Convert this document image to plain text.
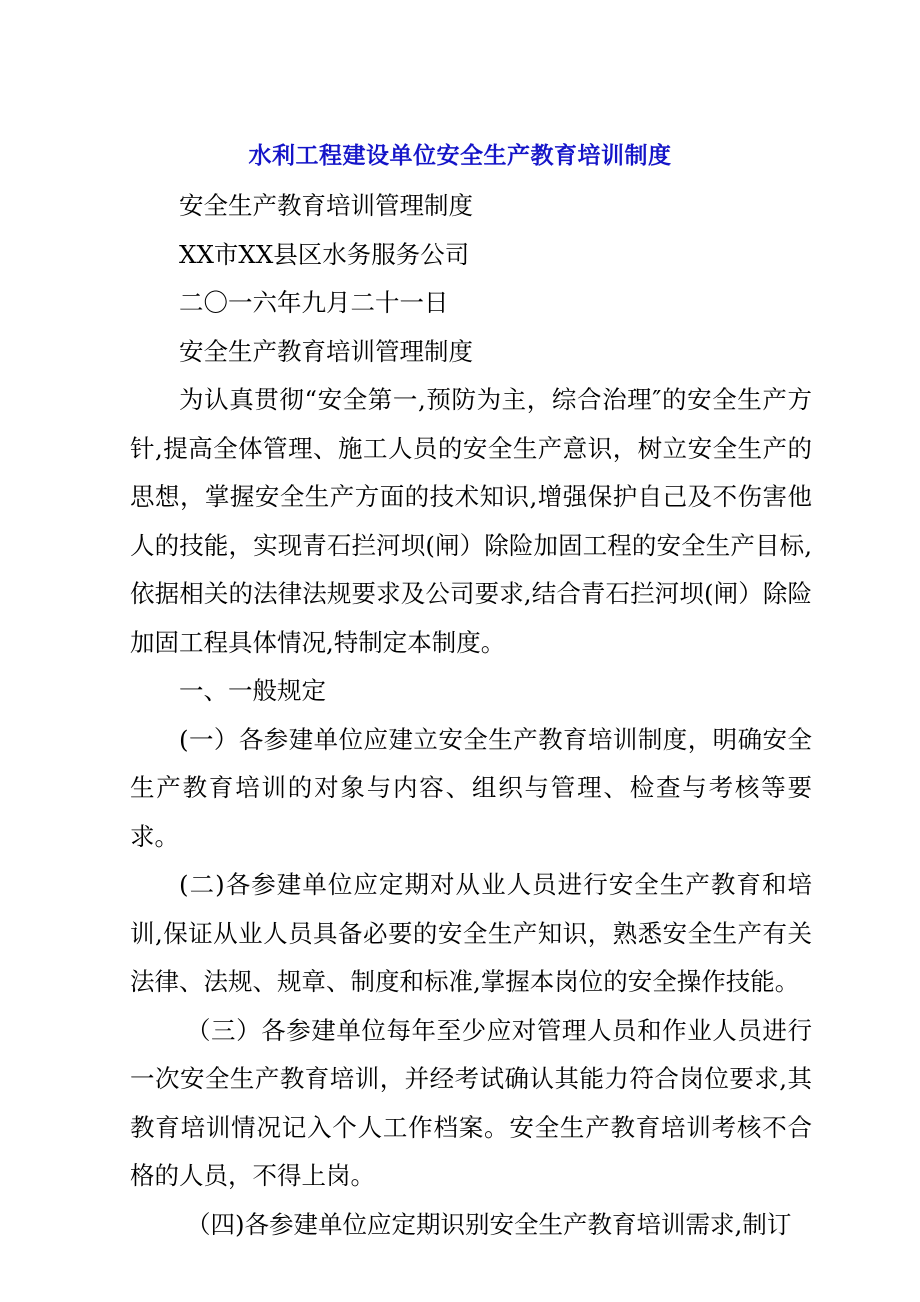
水利工程建设单位安全生产教育培训制度

安全生产教育培训管理制度

XX市XX县区水务服务公司

二〇一六年九月二十一日

安全生产教育培训管理制度

为认真贯彻“安全第一,预防为主，综合治理″的安全生产方针,提高全体管理、施工人员的安全生产意识，树立安全生产的思想，掌握安全生产方面的技术知识,增强保护自己及不伤害他人的技能，实现青石拦河坝(闸）除险加固工程的安全生产目标,依据相关的法律法规要求及公司要求,结合青石拦河坝(闸）除险加固工程具体情况,特制定本制度。

一、一般规定

(一）各参建单位应建立安全生产教育培训制度，明确安全生产教育培训的对象与内容、组织与管理、检查与考核等要求。

(二)各参建单位应定期对从业人员进行安全生产教育和培训,保证从业人员具备必要的安全生产知识，熟悉安全生产有关法律、法规、规章、制度和标准,掌握本岗位的安全操作技能。

（三）各参建单位每年至少应对管理人员和作业人员进行一次安全生产教育培训，并经考试确认其能力符合岗位要求,其教育培训情况记入个人工作档案。安全生产教育培训考核不合格的人员，不得上岗。

（四)各参建单位应定期识别安全生产教育培训需求,制订
